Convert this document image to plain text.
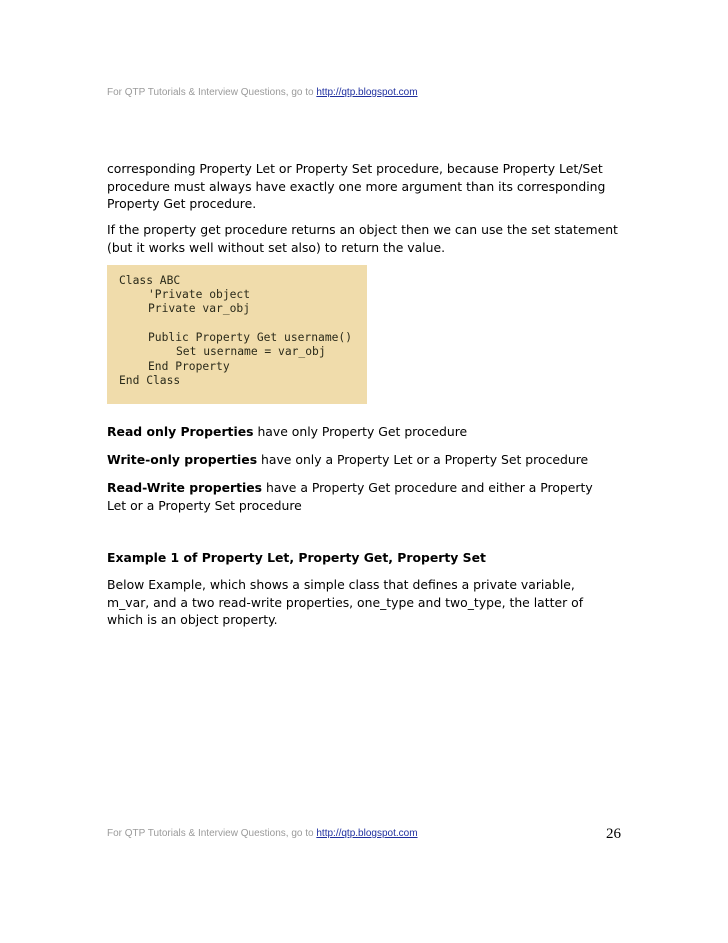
For QTP Tutorials & Interview Questions, go to http://qtp.blogspot.com

corresponding Property Let or Property Set procedure, because Property Let/Set
procedure must always have exactly one more argument than its corresponding
Property Get procedure.

If the property get procedure returns an object then we can use the set statement
(but it works well without set also) to return the value.

Class ABC
'Private object
Private var_obj
Public Property Get username()
Set username = var_obj
End Property
End Class

Read only Properties have only Property Get procedure

Write-only properties have only a Property Let or a Property Set procedure

Read-Write properties have a Property Get procedure and either a Property
Let or a Property Set procedure

Example 1 of Property Let, Property Get, Property Set

Below Example, which shows a simple class that defines a private variable,
m_var, and a two read-write properties, one_type and two_type, the latter of
which is an object property.

For QTP Tutorials & Interview Questions, go to http://qtp.blogspot.com	26
